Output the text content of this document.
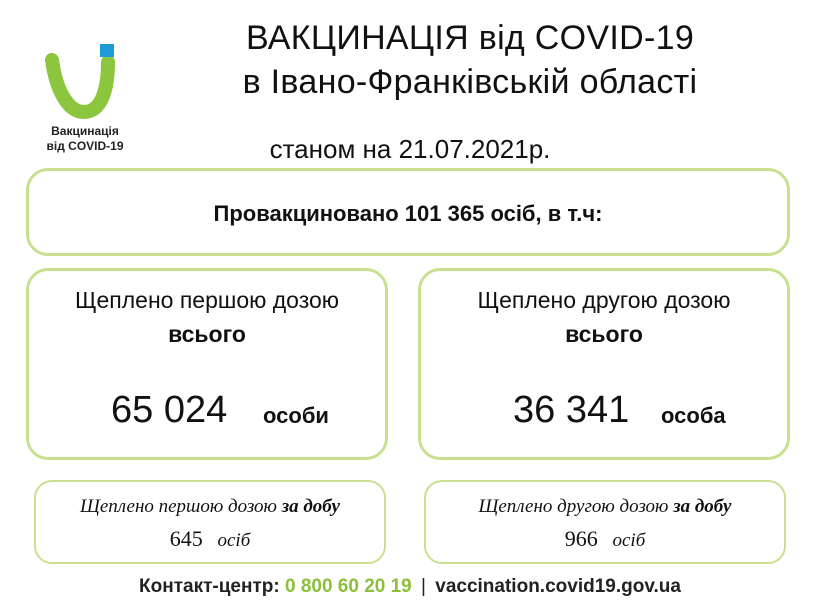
Вакцинація
від COVID-19
ВАКЦИНАЦІЯ від COVID-19
в Івано-Франківській області
станом на 21.07.2021р.
Провакциновано 101 365 осіб, в т.ч:
Щеплено першою дозою
всього
65 024 особи
Щеплено другою дозою
всього
36 341 особа
Щеплено першою дозою за добу
645 осіб
Щеплено другою дозою за добу
966 осіб
Контакт-центр: 0 800 60 20 19 | vaccination.covid19.gov.ua
